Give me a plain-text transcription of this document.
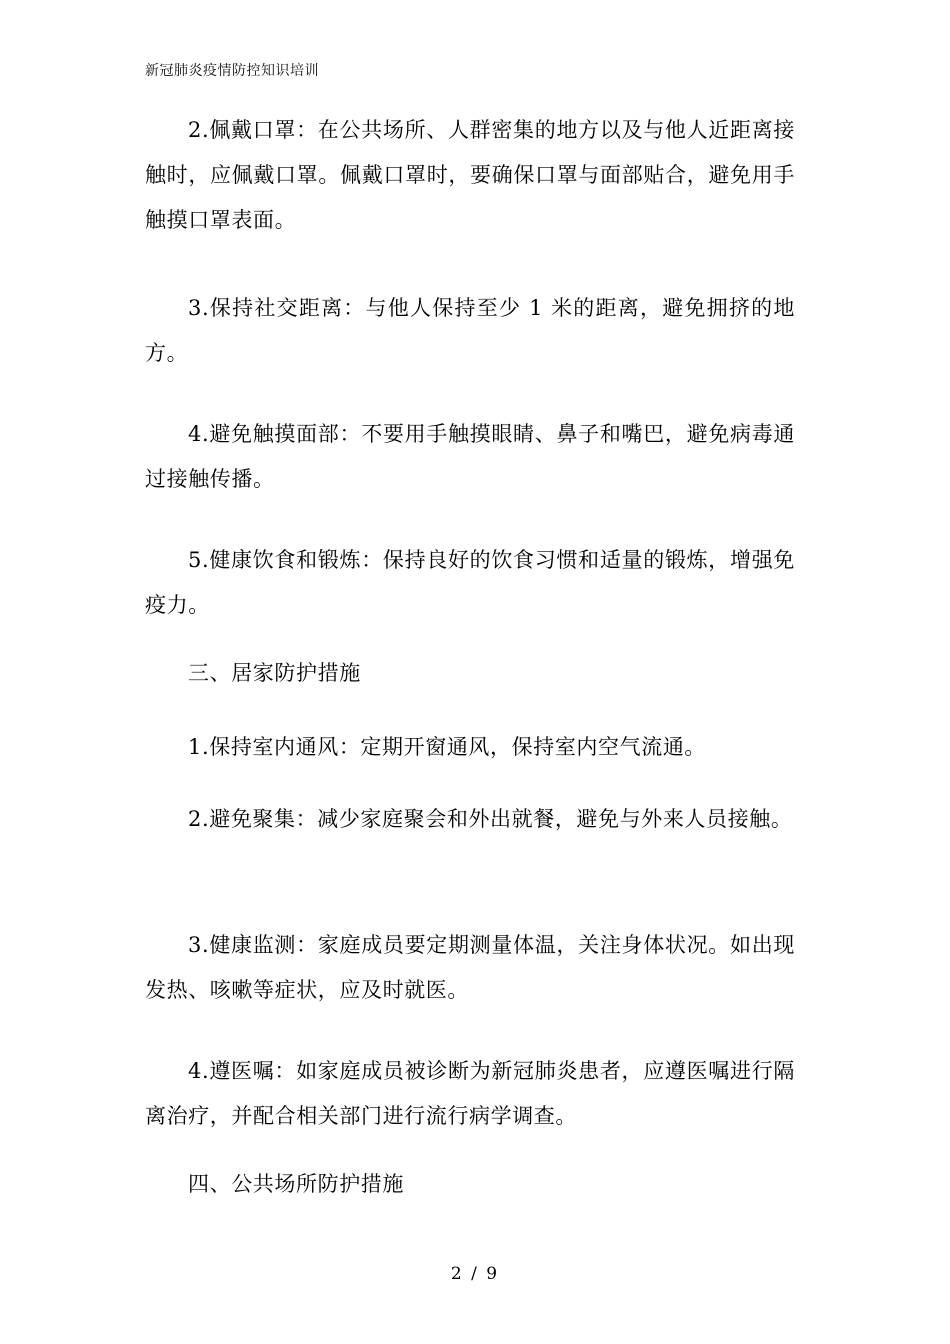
新冠肺炎疫情防控知识培训

2.佩戴口罩：在公共场所、人群密集的地方以及与他人近距离接触时，应佩戴口罩。佩戴口罩时，要确保口罩与面部贴合，避免用手触摸口罩表面。

3.保持社交距离：与他人保持至少 1 米的距离，避免拥挤的地方。

4.避免触摸面部：不要用手触摸眼睛、鼻子和嘴巴，避免病毒通过接触传播。

5.健康饮食和锻炼：保持良好的饮食习惯和适量的锻炼，增强免疫力。

三、居家防护措施

1.保持室内通风：定期开窗通风，保持室内空气流通。

2.避免聚集：减少家庭聚会和外出就餐，避免与外来人员接触。

3.健康监测：家庭成员要定期测量体温，关注身体状况。如出现发热、咳嗽等症状，应及时就医。

4.遵医嘱：如家庭成员被诊断为新冠肺炎患者，应遵医嘱进行隔离治疗，并配合相关部门进行流行病学调查。

四、公共场所防护措施
2 / 9
